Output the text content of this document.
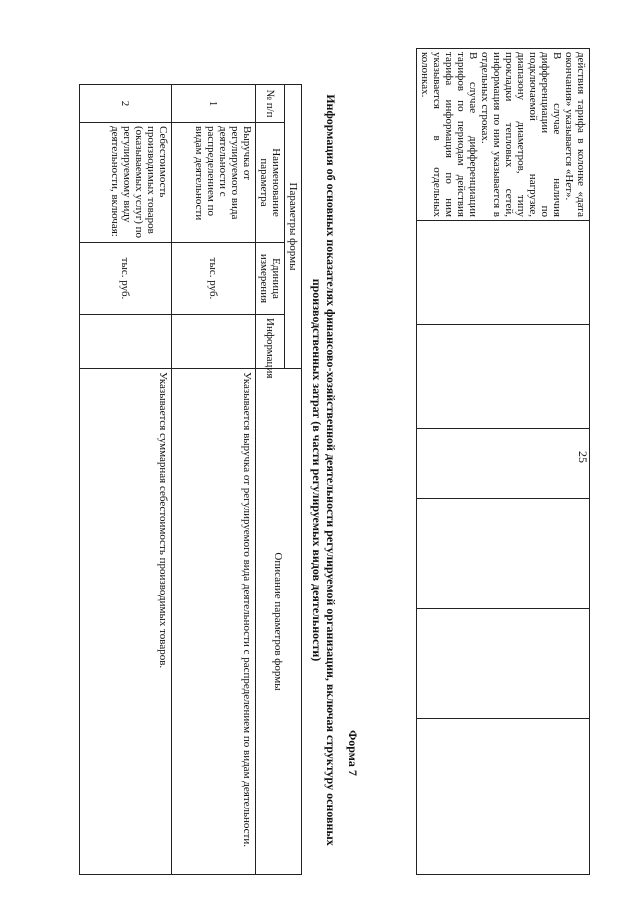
25
действия тарифа в колонке «дата окончания» указывается «Нет».
В случае наличия дифференциации по подключаемой нагрузке, диапазону диаметров, типу прокладки тепловых сетей, информация по ним указывается в отдельных строках.
В случае дифференциации тарифов по периодам действия тарифа информация по ним указывается в отдельных колонках.

Форма 7
Информация об основных показателях финансово-хозяйственной деятельности регулируемой организации, включая структуру основных производственных затрат (в части регулируемых видов деятельности)
Параметры формы				Описание параметров формы
№ п/п	Наименование параметра	Единица измерения	Информация	
1	Выручка от регулируемого вида деятельности с распределением по видам деятельности	тыс. руб.		Указывается выручка от регулируемого вида деятельности с распределением по видам деятельности.
2	Себестоимость производимых товаров (оказываемых услуг) по регулируемому виду деятельности, включая:	тыс. руб.		Указывается суммарная себестоимость производимых товаров.
